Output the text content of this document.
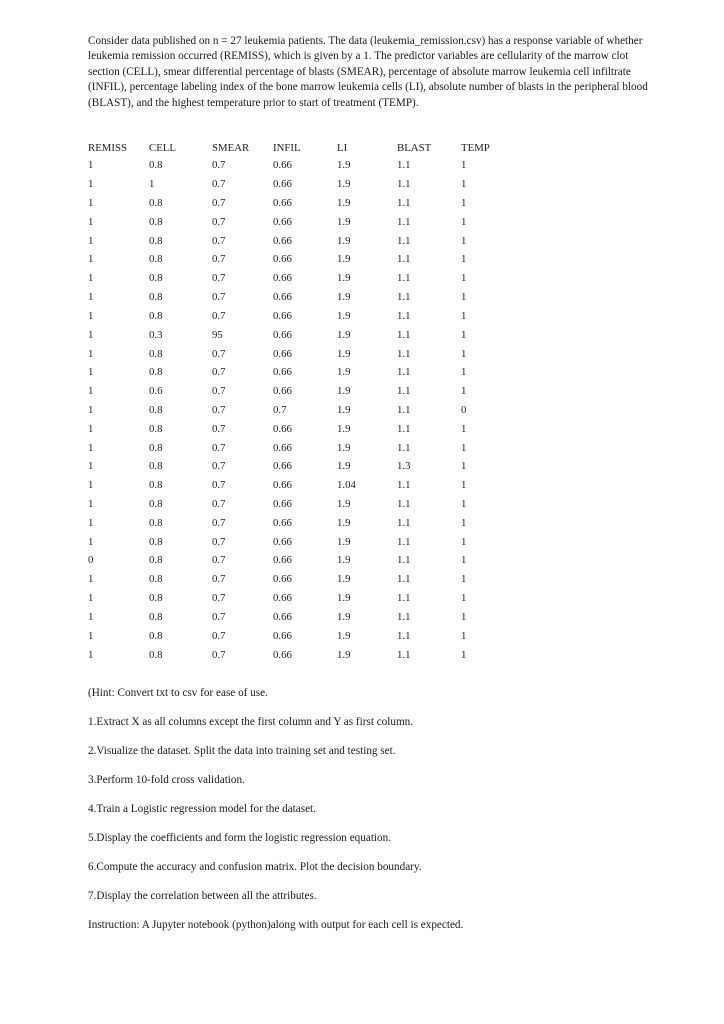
Consider data published on n = 27 leukemia patients. The data (leukemia_remission.csv) has a response variable of whether leukemia remission occurred (REMISS), which is given by a 1. The predictor variables are cellularity of the marrow clot section (CELL), smear differential percentage of blasts (SMEAR), percentage of absolute marrow leukemia cell infiltrate (INFIL), percentage labeling index of the bone marrow leukemia cells (LI), absolute number of blasts in the peripheral blood (BLAST), and the highest temperature prior to start of treatment (TEMP).

REMISS	CELL	SMEAR	INFIL	LI	BLAST	TEMP
1	0.8	0.7	0.66	1.9	1.1	1
1	1	0.7	0.66	1.9	1.1	1
1	0.8	0.7	0.66	1.9	1.1	1
1	0.8	0.7	0.66	1.9	1.1	1
1	0.8	0.7	0.66	1.9	1.1	1
1	0.8	0.7	0.66	1.9	1.1	1
1	0.8	0.7	0.66	1.9	1.1	1
1	0.8	0.7	0.66	1.9	1.1	1
1	0.8	0.7	0.66	1.9	1.1	1
1	0.3	95	0.66	1.9	1.1	1
1	0.8	0.7	0.66	1.9	1.1	1
1	0.8	0.7	0.66	1.9	1.1	1
1	0.6	0.7	0.66	1.9	1.1	1
1	0.8	0.7	0.7	1.9	1.1	0
1	0.8	0.7	0.66	1.9	1.1	1
1	0.8	0.7	0.66	1.9	1.1	1
1	0.8	0.7	0.66	1.9	1.3	1
1	0.8	0.7	0.66	1.04	1.1	1
1	0.8	0.7	0.66	1.9	1.1	1
1	0.8	0.7	0.66	1.9	1.1	1
1	0.8	0.7	0.66	1.9	1.1	1
0	0.8	0.7	0.66	1.9	1.1	1
1	0.8	0.7	0.66	1.9	1.1	1
1	0.8	0.7	0.66	1.9	1.1	1
1	0.8	0.7	0.66	1.9	1.1	1
1	0.8	0.7	0.66	1.9	1.1	1
1	0.8	0.7	0.66	1.9	1.1	1

(Hint: Convert txt to csv for ease of use.

1.Extract X as all columns except the first column and Y as first column.

2.Visualize the dataset. Split the data into training set and testing set.

3.Perform 10-fold cross validation.

4.Train a Logistic regression model for the dataset.

5.Display the coefficients and form the logistic regression equation.

6.Compute the accuracy and confusion matrix. Plot the decision boundary.

7.Display the correlation between all the attributes.

Instruction: A Jupyter notebook (python)along with output for each cell is expected.
